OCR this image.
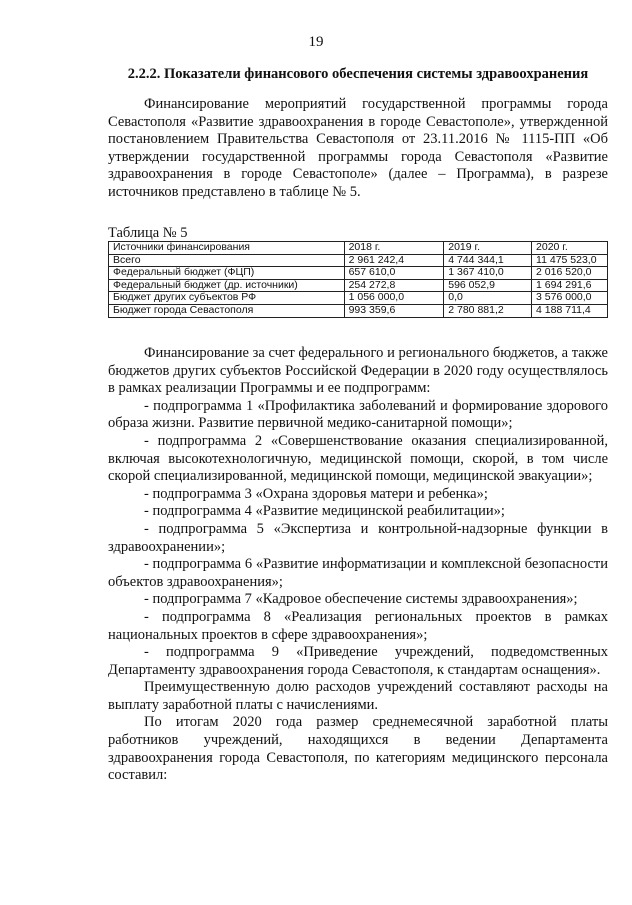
19
2.2.2. Показатели финансового обеспечения системы здравоохранения
Финансирование мероприятий государственной программы города Севастополя «Развитие здравоохранения в городе Севастополе», утвержденной постановлением Правительства Севастополя от 23.11.2016 № 1115-ПП «Об утверждении государственной программы города Севастополя «Развитие здравоохранения в городе Севастополе» (далее – Программа), в разрезе источников представлено в таблице № 5.
Таблица № 5
Источники финансирования	2018 г.	2019 г.	2020 г.
Всего	2 961 242,4	4 744 344,1	11 475 523,0
Федеральный бюджет (ФЦП)	657 610,0	1 367 410,0	2 016 520,0
Федеральный бюджет (др. источники)	254 272,8	596 052,9	1 694 291,6
Бюджет других субъектов РФ	1 056 000,0	0,0	3 576 000,0
Бюджет города Севастополя	993 359,6	2 780 881,2	4 188 711,4

Финансирование за счет федерального и регионального бюджетов, а также бюджетов других субъектов Российской Федерации в 2020 году осуществлялось в рамках реализации Программы и ее подпрограмм:

- подпрограмма 1 «Профилактика заболеваний и формирование здорового образа жизни. Развитие первичной медико-санитарной помощи»;

- подпрограмма 2 «Совершенствование оказания специализированной, включая высокотехнологичную, медицинской помощи, скорой, в том числе скорой специализированной, медицинской помощи, медицинской эвакуации»;

- подпрограмма 3 «Охрана здоровья матери и ребенка»;

- подпрограмма 4 «Развитие медицинской реабилитации»;

- подпрограмма 5 «Экспертиза и контрольной-надзорные функции в здравоохранении»;

- подпрограмма 6 «Развитие информатизации и комплексной безопасности объектов здравоохранения»;

- подпрограмма 7 «Кадровое обеспечение системы здравоохранения»;

- подпрограмма 8 «Реализация региональных проектов в рамках национальных проектов в сфере здравоохранения»;

- подпрограмма 9 «Приведение учреждений, подведомственных Департаменту здравоохранения города Севастополя, к стандартам оснащения».

Преимущественную долю расходов учреждений составляют расходы на выплату заработной платы с начислениями.

По итогам 2020 года размер среднемесячной заработной платы работников учреждений, находящихся в ведении Департамента здравоохранения города Севастополя, по категориям медицинского персонала составил:
